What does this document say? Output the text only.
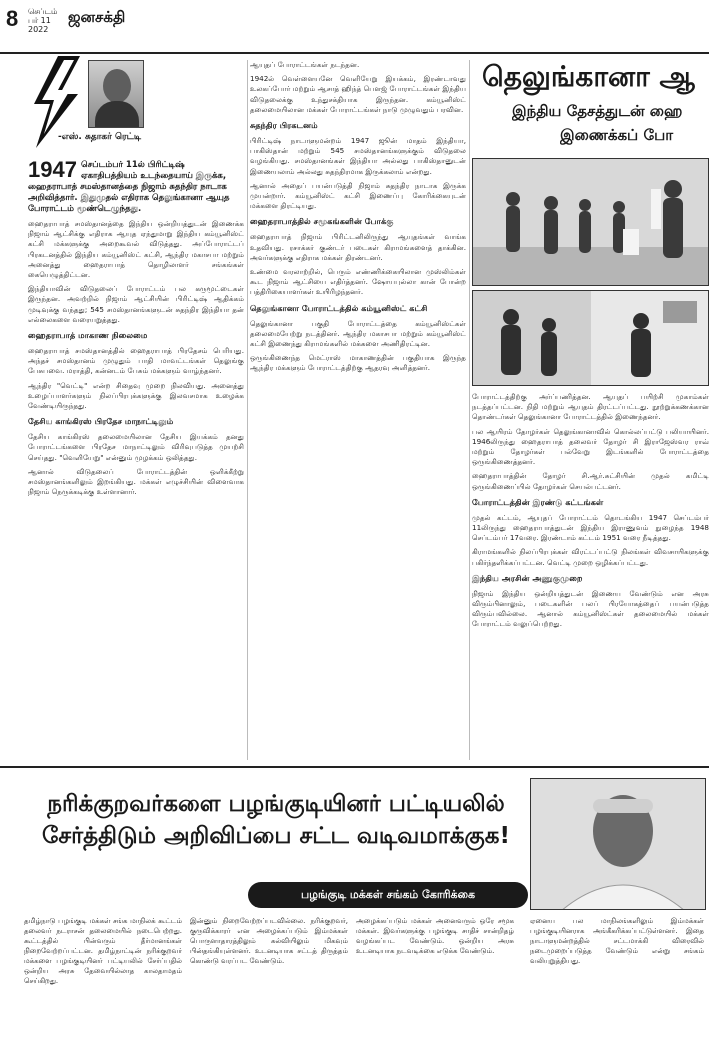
8 செப்டம்
பர் 11
2022
ஜனசக்தி
-எஸ். சுதாகர் ரெட்டி
1947 செப்டம்பர் 11ல் பிரிட்டிஷ் ஏகாதிபத்தியம் உடந்தையாய் இருக்க, ஹைதராபாத் சமஸ்தானத்தை நிஜாம் சுதந்திர நாடாக அறிவித்தார். இதுமுதல் எதிராக தெலுங்கானா ஆயுத போராட்டம் மூண்டெழுந்தது.

ஹைதராபாத் சமஸ்தானத்தை இந்திய ஒன்றியத்துடன் இணைக்க நிஜாம் ஆட்சிக்கு எதிராக ஆயுத ஏந்துமாறு இந்திய கம்யூனிஸ்ட் கட்சி மக்களுக்கு அறைகூவல் விடுத்தது. அப்போராட்டப் பிரகடனத்தில் இந்திய கம்யூனிஸ்ட் கட்சி, ஆந்திர மகாசபா மற்றும் அனைத்து ஹைதராபாத் தொழிலாளர் சங்கங்கள் கையெழுத்திட்டன.

இந்தியாவின் விடுதலைப் போராட்டம் பல கருமூட்டைகள் இருந்தன. அவற்றில் நிஜாம் ஆட்சியின் பிரிட்டிஷ் ஆதிக்கம் முடிவுக்கு வந்தது; 545 சமஸ்தானங்களுடன் சுதந்திர இந்தியா தன் எல்லைகளை வரையறுத்தது.

ஹைதராபாத் மாகாண நிலைமை

ஹைதராபாத் சமஸ்தானத்தில் ஹைதராபாத் பிரதேசம் பெரியது. அந்தச் சமஸ்தானம் முழுதும் பாதி மாவட்டங்கள் தெலுங்கு பேசுபவை. மராத்தி, கன்னடம் பேசும் மக்களும் வாழ்ந்தனர்.

ஆந்திர "வெட்டி" என்ற சிதைவு முறை நிலவியது. அனைத்து உழைப்பாளர்களும் நிலப்பிரபுக்களுக்கு இலவசமாக உழைக்க வேண்டியிருந்தது.

தேசிய காங்கிரஸ் பிரதேச மாநாட்டிலும்

தேசிய காங்கிரஸ் தலைமையிலான தேசிய இயக்கம் தனது போராட்டங்களை பிரதேச மாநாட்டிலும் விரிவுபடுத்த முயற்சி செய்தது. "வெளியேறு" என்னும் முழக்கம் ஒலித்தது.

ஆனால் விடுதலைப் போராட்டத்தின் ஒளிக்கீற்று சமஸ்தானங்களிலும் இறங்கியது. மக்கள் எழுச்சியின் விளைவாக நிஜாம் நெருக்கடிக்கு உள்ளானார்.

ஆயுதப் போராட்டங்கள் நடந்தன.

1942ல் வெள்ளையனே வெளியேறு இயக்கம், இரண்டாவது உலகப்போர் மற்றும் ஆசாத் ஹிந்த் பௌஜ் போராட்டங்கள் இந்திய விடுதலைக்கு உந்துசக்தியாக இருந்தன. கம்யூனிஸ்ட் தலைமையிலான மக்கள் போராட்டங்கள் நாடு முழுவதும் பரவின.

சுதந்திர பிரகடனம்

பிரிட்டிஷ் நாடாளுமன்றம் 1947 ஜூன் மாதம் இந்தியா, பாகிஸ்தான் மற்றும் 545 சமஸ்தானங்களுக்கும் விடுதலை வழங்கியது. சமஸ்தானங்கள் இந்தியா அல்லது பாகிஸ்தானுடன் இணையலாம் அல்லது சுதந்திரமாக இருக்கலாம் என்றது.

ஆனால் அதைப் பயன்படுத்தி நிஜாம் சுதந்திர நாடாக இருக்க முயன்றார். கம்யூனிஸ்ட் கட்சி இணைப்பு கோரிக்கையுடன் மக்களை திரட்டியது.

ஹைதராபாத்தில் சமூகங்களின் போக்கு

ஹைதராபாத் நிஜாம் பிரிட்டனிலிருந்து ஆயுதங்கள் வாங்க உதவியது. ரசாக்கர் குண்டர் படைகள் கிராமங்களைத் தாக்கின. அவர்களுக்கு எதிராக மக்கள் திரண்டனர்.

உண்மை வரலாற்றில், பெரும் எண்ணிக்கையிலான முஸ்லிம்கள் கூட நிஜாம் ஆட்சியை எதிர்த்தனர். ஷோயபுல்லா கான் போன்ற பத்திரிகையாளர்கள் உயிரிழந்தனர்.

தெலுங்கானா போராட்டத்தில் கம்யூனிஸ்ட் கட்சி

தெலுங்கானா பகுதி போராட்டத்தை கம்யூனிஸ்ட்கள் தலைமையேற்று நடத்தினர். ஆந்திர மகாசபா மற்றும் கம்யூனிஸ்ட் கட்சி இணைந்து கிராமங்களில் மக்களை அணிதிரட்டின.

ஒருங்கிணைந்த மெட்ராஸ் மாகாணத்தின் பகுதியாக இருந்த ஆந்திர மக்களும் போராட்டத்திற்கு ஆதரவு அளித்தனர்.

தெலுங்கானா ஆ
இந்திய தேசத்துடன் ஹை
இணைக்கப் போ

போராட்டத்திற்கு அர்ப்பணித்தன. ஆயுதப் பயிற்சி முகாம்கள் நடத்தப்பட்டன. நிதி மற்றும் ஆயுதம் திரட்டப்பட்டது. நூற்றுக்கணக்கான தொண்டர்கள் தெலுங்கானா போராட்டத்தில் இணைந்தனர்.

பல ஆயிரம் தோழர்கள் தெலுங்கானாவில் கொல்லப்பட்டு பலியாயினர். 1946லிருந்து ஹைதராபாத் தலைவர் தோழர் சி இராஜேஸ்வர ராவ் மற்றும் தோழர்கள் பல்வேறு இடங்களில் போராட்டத்தை ஒருங்கிணைத்தனர்.

ஹைதராபாத்தின் தோழர் சி.ஆர்.சுட்சியின் முதல் கமிட்டி ஒருங்கிணைப்பில் தோழர்கள் செயல்பட்டனர்.

போராட்டத்தின் இரண்டு கட்டங்கள்

முதல் கட்டம், ஆயுதப் போராட்டம் தொடங்கிய 1947 செப்டம்பர் 11லிருந்து ஹைதராபாத்துடன் இந்திய இராணுவம் நுழைந்த 1948 செப்டம்பர் 17வரை. இரண்டாம் கட்டம் 1951 வரை நீடித்தது.

கிராமங்களில் நிலப்பிரபுக்கள் விரட்டப்பட்டு நிலங்கள் விவசாயிகளுக்கு பகிர்ந்தளிக்கப்பட்டன. வெட்டி முறை ஒழிக்கப்பட்டது.

இந்திய அரசின் அணுகுமுறை

நிஜாம் இந்திய ஒன்றியத்துடன் இணைய வேண்டும் என அரசு விரும்பினாலும், படைகளின் பலப் பிரயோகத்தைப் பயன்படுத்த விரும்பவில்லை. ஆனால் கம்யூனிஸ்ட்கள் தலைமையில் மக்கள் போராட்டம் வலுப்பெற்றது.

நரிக்குறவர்களை பழங்குடியினர் பட்டியலில்
சேர்த்திடும் அறிவிப்பை சட்ட வடிவமாக்குக!
பழங்குடி மக்கள் சங்கம் கோரிக்கை

தமிழ்நாடு பழங்குடி மக்கள் சங்க மாநிலக் கூட்டம் தலைவர் நடராசன் தலைமையில் நடைபெற்றது. கூட்டத்தில் பின்வரும் தீர்மானங்கள் நிறைவேற்றப்பட்டன. தமிழ்நாட்டின் நரிக்குறவர் மக்களை பழங்குடியினர் பட்டியலில் சேர்ப்பதில் ஒன்றிய அரசு தேவையில்லாத காலதாமதம் செய்கிறது.

இன்னும் நிறைவேற்றப்படவில்லை. நரிக்குறவர், குருவிக்காரர் என அழைக்கப்படும் இம்மக்கள் பொருளாதாரத்திலும் கல்வியிலும் மிகவும் பின்தங்கியுள்ளனர். உடனடியாக சட்டத் திருத்தம் கொண்டு வரப்பட வேண்டும்.

அழைக்கப்படும் மக்கள் அனைவரும் ஒரே சமூக மக்கள். இவர்களுக்கு பழங்குடி சாதிச் சான்றிதழ் வழங்கப்பட வேண்டும். ஒன்றிய அரசு உடனடியாக நடவடிக்கை எடுக்க வேண்டும்.

ஏனைய பல மாநிலங்களிலும் இம்மக்கள் பழங்குடியினராக அங்கீகரிக்கப்பட்டுள்ளனர். இதை நாடாளுமன்றத்தில் சட்டமாக்கி விரைவில் நடைமுறைப்படுத்த வேண்டும் என்று சங்கம் வலியுறுத்தியது.
